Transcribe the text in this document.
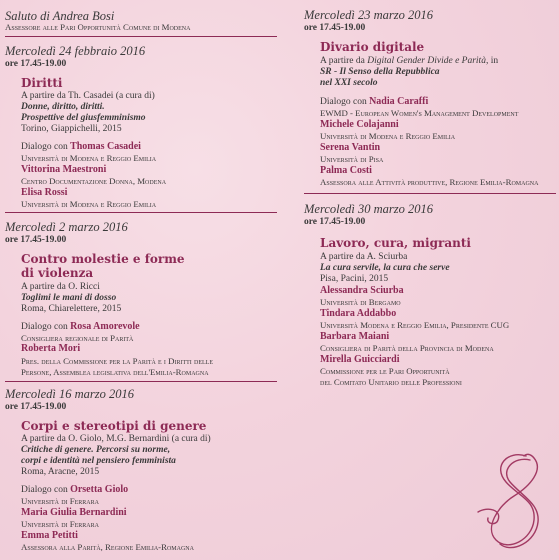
Saluto di Andrea Bosi
Assessore alle Pari Opportunità Comune di Modena
Mercoledì 24 febbraio 2016
ore 17.45-19.00
Diritti
A partire da Th. Casadei (a cura di)
Donne, diritto, diritti.
Prospettive del giusfemminismo
Torino, Giappichelli, 2015
Dialogo con Thomas Casadei
Università di Modena e Reggio Emilia
Vittorina Maestroni
Centro Documentazione Donna, Modena
Elisa Rossi
Università di Modena e Reggio Emilia
Mercoledì 2 marzo 2016
ore 17.45-19.00
Contro molestie e forme
di violenza
A partire da O. Ricci
Toglimi le mani di dosso
Roma, Chiarelettere, 2015
Dialogo con Rosa Amorevole
Consigliera regionale di Parità
Roberta Mori
Pres. della Commissione per la Parità e i Diritti delle
Persone, Assemblea legislativa dell'Emilia-Romagna
Mercoledì 16 marzo 2016
ore 17.45-19.00
Corpi e stereotipi di genere
A partire da O. Giolo, M.G. Bernardini (a cura di)
Critiche di genere. Percorsi su norme,
corpi e identità nel pensiero femminista
Roma, Aracne, 2015
Dialogo con Orsetta Giolo
Università di Ferrara
Maria Giulia Bernardini
Università di Ferrara
Emma Petitti
Assessora alla Parità, Regione Emilia-Romagna
Mercoledì 23 marzo 2016
ore 17.45-19.00
Divario digitale
A partire da Digital Gender Divide e Parità, in
SR - Il Senso della Repubblica
nel XXI secolo
Dialogo con Nadia Caraffi
EWMD - European Women's Management Development
Michele Colajanni
Università di Modena e Reggio Emilia
Serena Vantin
Università di Pisa
Palma Costi
Assessora alle Attività produttive, Regione Emilia-Romagna
Mercoledì 30 marzo 2016
ore 17.45-19.00
Lavoro, cura, migranti
A partire da A. Sciurba
La cura servile, la cura che serve
Pisa, Pacini, 2015
Alessandra Sciurba
Università di Bergamo
Tindara Addabbo
Università Modena e Reggio Emilia, Presidente CUG
Barbara Maiani
Consigliera di Parità della Provincia di Modena
Mirella Guicciardi
Commissione per le Pari Opportunità
del Comitato Unitario delle Professioni
